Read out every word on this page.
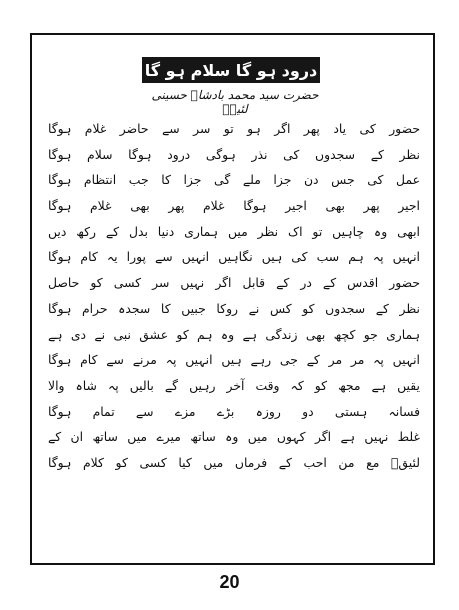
درود ہو گا سلام ہو گا
حضرت سید محمد بادشاہ حسینی لئیقؔ
حضور کی یاد پھر اگر ہو تو سر سے حاضر غلام ہوگا
نظر کے سجدوں کی نذر ہوگی درود ہوگا سلام ہوگا
عمل کی جس دن جزا ملے گی جزا کا جب انتظام ہوگا
اجیر پھر بھی اجیر ہوگا غلام پھر بھی غلام ہوگا
ابھی وہ چاہیں تو اک نظر میں ہماری دنیا بدل کے رکھ دیں
انہیں پہ ہم سب کی ہیں نگاہیں انہیں سے پورا یہ کام ہوگا
حضور اقدس کے در کے قابل اگر نہیں سر کسی کو حاصل
نظر کے سجدوں کو کس نے روکا جبیں کا سجدہ حرام ہوگا
ہماری جو کچھ بھی زندگی ہے وہ ہم کو عشق نبی نے دی ہے
انہیں پہ مر مر کے جی رہے ہیں انہیں پہ مرنے سے کام ہوگا
یقیں ہے مجھ کو کہ وقت آخر رہیں گے بالیں پہ شاہ والا
فسانہ ہستی دو روزہ بڑے مزے سے تمام ہوگا
غلط نہیں ہے اگر کہوں میں وہ ساتھ میرے میں ساتھ ان کے
لئیقؔ مع من احب کے فرماں میں کیا کسی کو کلام ہوگا
20
